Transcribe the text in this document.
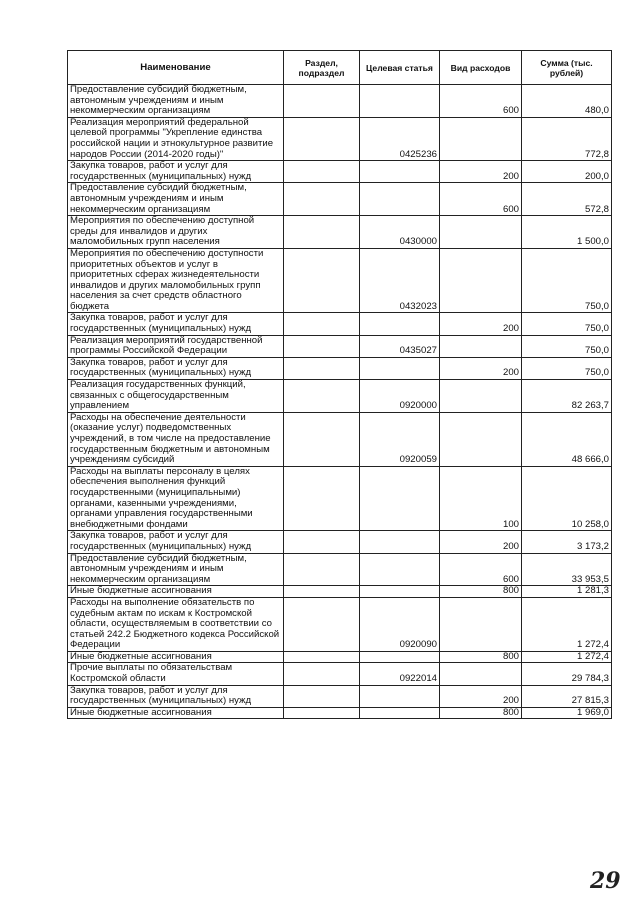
Наименование	Раздел, подраздел	Целевая статья	Вид расходов	Сумма (тыс. рублей)
Предоставление субсидий бюджетным, автономным учреждениям и иным некоммерческим организациям			600	480,0
Реализация мероприятий федеральной целевой программы "Укрепление единства российской нации и этнокультурное развитие народов России (2014-2020 годы)"		0425236		772,8
Закупка товаров, работ и услуг для государственных (муниципальных) нужд			200	200,0
Предоставление субсидий бюджетным, автономным учреждениям и иным некоммерческим организациям			600	572,8
Мероприятия по обеспечению доступной среды для инвалидов и других маломобильных групп населения		0430000		1 500,0
Мероприятия по обеспечению доступности приоритетных объектов и услуг в приоритетных сферах жизнедеятельности инвалидов и других маломобильных групп населения за счет средств областного бюджета		0432023		750,0
Закупка товаров, работ и услуг для государственных (муниципальных) нужд			200	750,0
Реализация мероприятий государственной программы Российской Федерации		0435027		750,0
Закупка товаров, работ и услуг для государственных (муниципальных) нужд			200	750,0
Реализация государственных функций, связанных с общегосударственным управлением		0920000		82 263,7
Расходы на обеспечение деятельности (оказание услуг) подведомственных учреждений, в том числе на предоставление государственным бюджетным и автономным учреждениям субсидий		0920059		48 666,0
Расходы на выплаты персоналу в целях обеспечения выполнения функций государственными (муниципальными) органами, казенными учреждениями, органами управления государственными внебюджетными фондами			100	10 258,0
Закупка товаров, работ и услуг для государственных (муниципальных) нужд			200	3 173,2
Предоставление субсидий бюджетным, автономным учреждениям и иным некоммерческим организациям			600	33 953,5
Иные бюджетные ассигнования			800	1 281,3
Расходы на выполнение обязательств по судебным актам по искам к Костромской области, осуществляемым в соответствии со статьей 242.2 Бюджетного кодекса Российской Федерации		0920090		1 272,4
Иные бюджетные ассигнования			800	1 272,4
Прочие выплаты по обязательствам Костромской области		0922014		29 784,3
Закупка товаров, работ и услуг для государственных (муниципальных) нужд			200	27 815,3
Иные бюджетные ассигнования			800	1 969,0
29
